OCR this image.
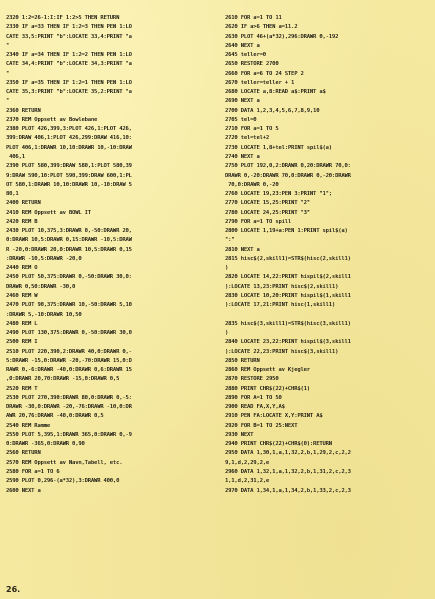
2320 1:2=26-1:I:IF 1:2>5 THEN RETURN
2330 IF a=33 THEN IF 1:2=3 THEN PEN 1:LO
CATE 33,5:PRINT "b":LOCATE 33,4:PRINT "a
"
2340 IF a=34 THEN IF 1:2=2 THEN PEN 1:LO
CATE 34,4:PRINT "b":LOCATE 34,3:PRINT "a
"
2350 IF a=35 THEN IF 1:2=1 THEN PEN 1:LO
CATE 35,3:PRINT "b":LOCATE 35,2:PRINT "a
"
2360 RETURN
2370 REM Oppsett av Bowlebane
2380 PLOT 426,399,3:PLOT 426,1:PLOT 426,
399:DRAW 406,1:PLOT 426,299:DRAW 416,10:
PLOT 406,1:DRAWR 10,10:DRAWR 10,-10:DRAW
406,1
2390 PLOT 580,399:DRAW 580,1:PLOT 580,39
9:DRAW 590,10:PLOT 590,399:DRAW 600,1:PL
OT 580,1:DRAWR 10,10:DRAWR 10,-10:DRAW 5
80,1
2400 RETURN
2410 REM Oppsett av BOWL IT
2420 REM B
2430 PLOT 10,375,3:DRAWR 0,-50:DRAWR 20,
0:DRAWR 10,5:DRAWR 0,15:DRAWR -10,5:DRAW
R -20,0:DRAWR 20,0:DRAWR 10,5:DRAWR 0,15
:DRAWR -10,5:DRAWR -20,0
2440 REM O
2450 PLOT 50,375:DRAWR 0,-50:DRAWR 30,0:
DRAWR 0,50:DRAWR -30,0
2460 REM W
2470 PLOT 90,375:DRAWR 10,-50:DRAWR 5,10
:DRAWR 5,-10:DRAWR 10,50
2480 REM L
2490 PLOT 130,375:DRAWR 0,-50:DRAWR 30,0
2500 REM I
2510 PLOT 220,390,2:DRAWR 40,0:DRAWR 0,-
5:DRAWR -15,0:DRAWR -20,-70:DRAWR 15,0:D
RAWR 0,-6:DRAWR -40,0:DRAWR 0,6:DRAWR 15
,0:DRAWR 20,70:DRAWR -15,0:DRAWR 0,5
2520 REM T
2530 PLOT 270,390:DRAWR 80,0:DRAWR 0,-5:
DRAWR -30,0:DRAWR -20,-76:DRAWR -10,0:DR
AWR 20,76:DRAWR -40,0:DRAWR 0,5
2540 REM Ramme
2550 PLOT 5,395,1:DRAWR 365,0:DRAWR 0,-9
0:DRAWR -365,0:DRAWR 0,90
2560 RETURN
2570 REM Oppsett av Navn,Tabell, etc.
2580 FOR a=1 TO 6
2590 PLOT 0,296-(a*32),3:DRAWR 400,0
2600 NEXT a
2610 FOR a=1 TO 11
2620 IF a>6 THEN a=11.2
2630 PLOT 46+(a*32),296:DRAWR 0,-192
2640 NEXT a
2645 teller=0
2650 RESTORE 2700
2660 FOR a=6 TO 24 STEP 2
2670 teller=teller + 1
2680 LOCATE a,8:READ a$:PRINT a$
2690 NEXT a
2700 DATA 1,2,3,4,5,6,7,8,9,10
2705 tel=0
2710 FOR a=1 TO 5
2720 tel=tel+2
2730 LOCATE 1,8+tel:PRINT spil$(a)
2740 NEXT a
2750 PLOT 192,0,2:DRAWR 0,20:DRAWR 70,0:
DRAWR 0,-20:DRAWR 70,0:DRAWR 0,-20:DRAWR
70,0:DRAWR 0,-20
2760 LOCATE 19,23:PEN 3:PRINT "1";
2770 LOCATE 15,25:PRINT "2"
2780 LOCATE 24,25:PRINT "3"
2790 FOR a=1 TO spill
2800 LOCATE 1,19+a:PEN 1:PRINT spil$(a)
":"
2810 NEXT a
2815 hisc$(2,skill1)=STR$(hisc(2,skill1)
)
2820 LOCATE 14,22:PRINT hispil$(2,skill1
):LOCATE 13,23:PRINT hisc$(2,skill1)
2830 LOCATE 10,20:PRINT hispil$(1,skill1
):LOCATE 17,21:PRINT hisc(1,skill1)
2835 hisc$(3,skill1)=STR$(hisc(3,skill1)
)
2840 LOCATE 23,22:PRINT hispil$(3,skill1
):LOCATE 22,23:PRINT hisc$(3,skill1)
2850 RETURN
2860 REM Oppsett av Kjegler
2870 RESTORE 2950
2880 PRINT CHR$(22)+CHR$(1)
2890 FOR A=1 TO 50
2900 READ FA,X,Y,A$
2910 PEN FA:LOCATE X,Y:PRINT A$
2920 FOR B=1 TO 25:NEXT
2930 NEXT
2940 PRINT CHR$(22)+CHR$(0):RETURN
2950 DATA 1,30,1,a,1,32,2,b,1,29,2,c,2,2
9,1,d,2,29,2,e
2960 DATA 1,32,1,a,1,32,2,b,1,31,2,c,2,3
1,1,d,2,31,2,e
2970 DATA 1,34,1,a,1,34,2,b,1,33,2,c,2,3
26.
